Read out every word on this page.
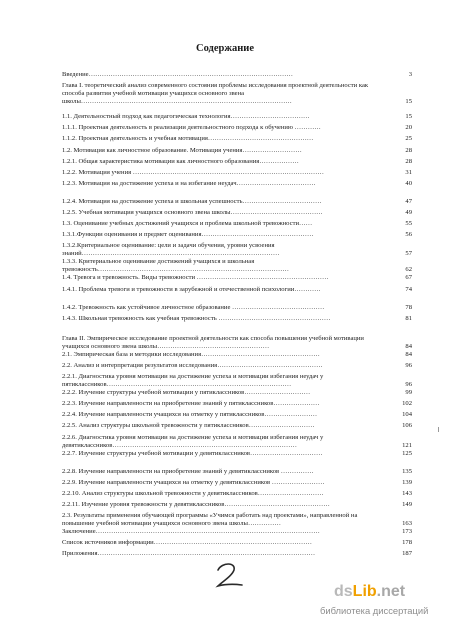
Содержание
Введение…………………………………………………………………………………	3
Глава I. теоретический анализ современного состояния проблемы исследования проектной деятельности как способа развития учебной мотивации учащихся основного звена школы……………………………………………………………………………………	15
1.1. Деятельностный подход как педагогическая технология………………………………	15
1.1.1. Проектная деятельность в реализации деятельностного подхода к обучению …………	20
1.1.2. Проектная деятельность и учебная мотивация…………………………………………	25
1.2. Мотивация как личностное образование. Мотивация учения………………………	28
1.2.1. Общая характеристика мотивации как личностного образования………………	28
1.2.2. Мотивация учения ……………………………………………………………………………	31
1.2.3. Мотивация на достижение успеха и на избегание неудач………………………………	40
1.2.4. Мотивация на достижение успеха и школьная успешность………………………………	47
1.2.5. Учебная мотивация учащихся основного звена школы……………………………………	49
1.3. Оценивание учебных достижений учащихся и проблема школьной тревожности……	55
1.3.1.Функции оценивания и предмет оценивания……………………………………………	56
1.3.2.Критериальное оценивание: цели и задачи обучения, уровни усвоения знаний………………………………………………………………………………	57
1.3.3. Критериальное оценивание достижений учащихся и школьная тревожность……………………………………………………………………………	62
1.4. Тревога и тревожность. Виды тревожности ……………………………………………………	67
1.4.1. Проблема тревоги и тревожности в зарубежной и отечественной психологии…………	74
1.4.2. Тревожность как устойчивое личностное образование ……………………………………	78
1.4.3. Школьная тревожность как учебная тревожность ……………………………………………	81
Глава II. Эмпирическое исследование проектной деятельности как способа повышения учебной мотивации учащихся основного звена школы……………………………………………	84
2.1. Эмпирическая база и методики исследования………………………………………………	84
2.2. Анализ и интерпретация результатов исследования…………………………………………	96
2.2.1. Диагностика уровня мотивации на достижение успеха и мотивации избегания неудач у пятиклассников…………………………………………………………………………	96
2.2.2. Изучение структуры учебной мотивации у пятиклассников…………………………	99
2.2.3. Изучение направленности на приобретение знаний у пятиклассников…………………	102
2.2.4. Изучение направленности учащихся на отметку у пятиклассников……………………	104
2.2.5. Анализ структуры школьной тревожности у пятиклассников…………………………	106
2.2.6. Диагностика уровня мотивации на достижение успеха и мотивации избегания неудач у девятиклассников…………………………………………………………………………	121
2.2.7. Изучение структуры учебной мотивации у девятиклассников……………………………	125
2.2.8. Изучение направленности на приобретение знаний у девятиклассников ……………	135
2.2.9. Изучение направленности учащихся на отметку у девятиклассников ……………………	139
2.2.10. Анализ структуры школьной тревожности у девятиклассников…………………………	143
2.2.11. Изучение уровня тревожности у девятиклассников…………………………………………	149
2.3. Результаты применения обучающей программы «Учимся работать над проектами», направленной на повышение учебной мотивации учащихся основного звена школы……………	163
Заключение…………………………………………………………………………………………	173
Список источников информации………………………………………………………………	178
Приложения………………………………………………………………………………………	187
dsLib.net
библиотека диссертаций
